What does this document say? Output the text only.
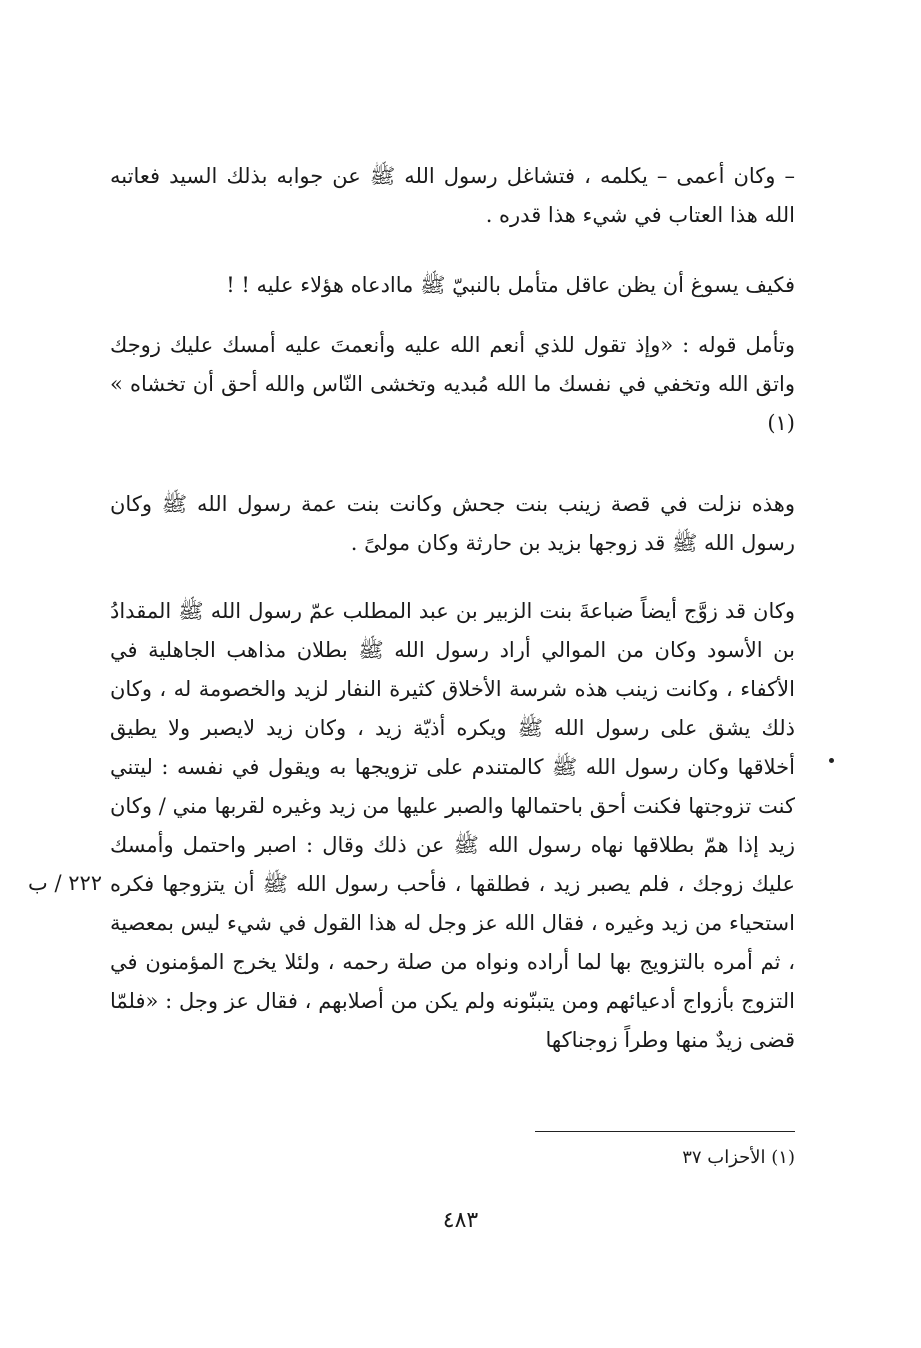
– وكان أعمى – يكلمه ، فتشاغل رسول الله ﷺ عن جوابه بذلك السيد فعاتبه الله هذا العتاب في شيء هذا قدره .

فكيف يسوغ أن يظن عاقل متأمل بالنبيّ ﷺ ماادعاه هؤلاء عليه ! !

وتأمل قوله : «وإذ تقول للذي أنعم الله عليه وأنعمتَ عليه أمسك عليك زوجك واتق الله وتخفي في نفسك ما الله مُبديه وتخشى النّاس والله أحق أن تخشاه » (١)

وهذه نزلت في قصة زينب بنت جحش وكانت بنت عمة رسول الله ﷺ وكان رسول الله ﷺ قد زوجها بزيد بن حارثة وكان مولىً .

وكان قد زوَّج أيضاً ضباعةَ بنت الزبير بن عبد المطلب عمّ رسول الله ﷺ المقدادُ بن الأسود وكان من الموالي أراد رسول الله ﷺ بطلان مذاهب الجاهلية في الأكفاء ، وكانت زينب هذه شرسة الأخلاق كثيرة النفار لزيد والخصومة له ، وكان ذلك يشق على رسول الله ﷺ ويكره أذيّة زيد ، وكان زيد لايصبر ولا يطيق أخلاقها وكان رسول الله ﷺ كالمتندم على تزويجها به ويقول في نفسه : ليتني كنت تزوجتها فكنت أحق باحتمالها والصبر عليها من زيد وغيره لقربها مني / وكان زيد إذا همّ بطلاقها نهاه رسول الله ﷺ عن ذلك وقال : اصبر واحتمل وأمسك عليك زوجك ، فلم يصبر زيد ، فطلقها ، فأحب رسول الله ﷺ أن يتزوجها فكره استحياء من زيد وغيره ، فقال الله عز وجل له هذا القول في شيء ليس بمعصية ، ثم أمره بالتزويج بها لما أراده ونواه من صلة رحمه ، ولئلا يخرج المؤمنون في التزوج بأزواج أدعيائهم ومن يتبنّونه ولم يكن من أصلابهم ، فقال عز وجل : «فلمّا قضى زيدٌ منها وطراً زوجناكها

٢٢٢ / ب
(١) الأحزاب ٣٧
٤٨٣
